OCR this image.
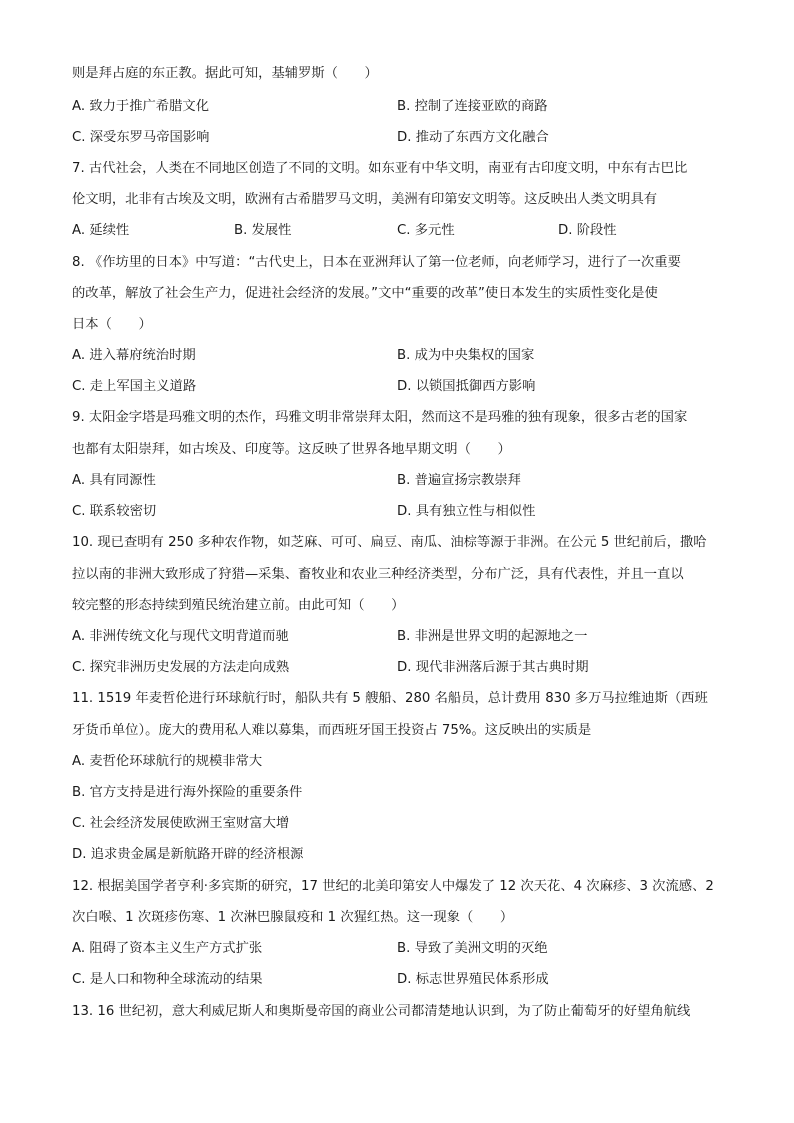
则是拜占庭的东正教。据此可知，基辅罗斯（　　）
A. 致力于推广希腊文化	B. 控制了连接亚欧的商路
C. 深受东罗马帝国影响	D. 推动了东西方文化融合
7. 古代社会，人类在不同地区创造了不同的文明。如东亚有中华文明，南亚有古印度文明，中东有古巴比
伦文明，北非有古埃及文明，欧洲有古希腊罗马文明，美洲有印第安文明等。这反映出人类文明具有
A. 延续性	B. 发展性	C. 多元性	D. 阶段性
8. 《作坊里的日本》中写道：“古代史上，日本在亚洲拜认了第一位老师，向老师学习，进行了一次重要
的改革，解放了社会生产力，促进社会经济的发展。”文中“重要的改革”使日本发生的实质性变化是使
日本（　　）
A. 进入幕府统治时期	B. 成为中央集权的国家
C. 走上军国主义道路	D. 以锁国抵御西方影响
9. 太阳金字塔是玛雅文明的杰作，玛雅文明非常崇拜太阳，然而这不是玛雅的独有现象，很多古老的国家
也都有太阳崇拜，如古埃及、印度等。这反映了世界各地早期文明（　　）
A. 具有同源性	B. 普遍宣扬宗教崇拜
C. 联系较密切	D. 具有独立性与相似性
10. 现已查明有 250 多种农作物，如芝麻、可可、扁豆、南瓜、油棕等源于非洲。在公元 5 世纪前后，撒哈
拉以南的非洲大致形成了狩猎—采集、畜牧业和农业三种经济类型，分布广泛，具有代表性，并且一直以
较完整的形态持续到殖民统治建立前。由此可知（　　）
A. 非洲传统文化与现代文明背道而驰	B. 非洲是世界文明的起源地之一
C. 探究非洲历史发展的方法走向成熟	D. 现代非洲落后源于其古典时期
11. 1519 年麦哲伦进行环球航行时，船队共有 5 艘船、280 名船员，总计费用 830 多万马拉维迪斯（西班
牙货币单位）。庞大的费用私人难以募集，而西班牙国王投资占 75%。这反映出的实质是
A. 麦哲伦环球航行的规模非常大
B. 官方支持是进行海外探险的重要条件
C. 社会经济发展使欧洲王室财富大增
D. 追求贵金属是新航路开辟的经济根源
12. 根据美国学者亨利·多宾斯的研究，17 世纪的北美印第安人中爆发了 12 次天花、4 次麻疹、3 次流感、2
次白喉、1 次斑疹伤寒、1 次淋巴腺鼠疫和 1 次猩红热。这一现象（　　）
A. 阻碍了资本主义生产方式扩张	B. 导致了美洲文明的灭绝
C. 是人口和物种全球流动的结果	D. 标志世界殖民体系形成
13. 16 世纪初，意大利威尼斯人和奥斯曼帝国的商业公司都清楚地认识到，为了防止葡萄牙的好望角航线
